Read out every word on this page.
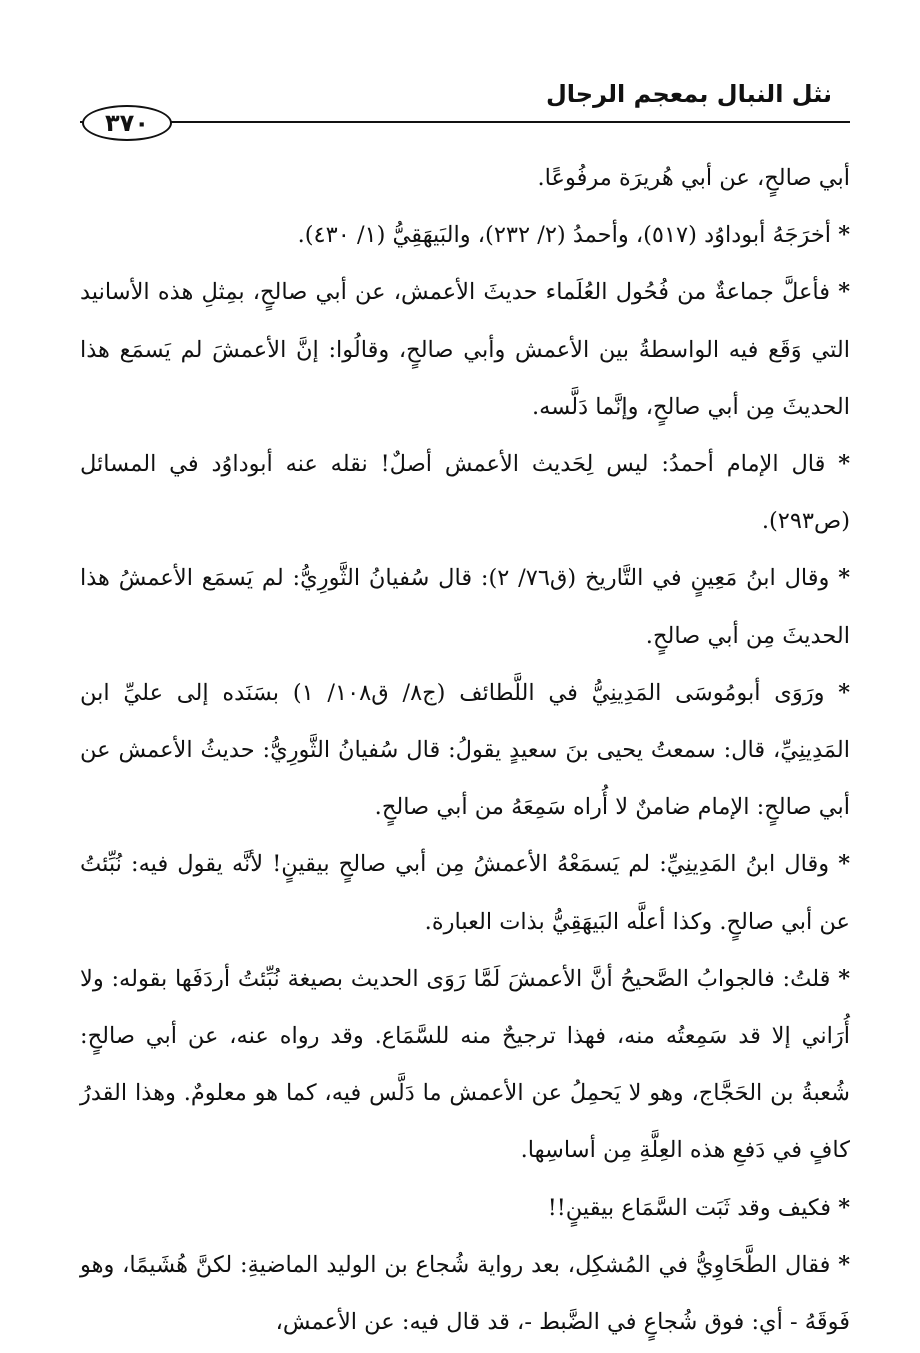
نثل النبال بمعجم الرجال
٣٧٠

أبي صالحٍ، عن أبي هُريرَة مرفُوعًا.

* أخرَجَهُ أبوداوُد (٥١٧)، وأحمدُ (٢/ ٢٣٢)، والبَيهَقِيُّ (١/ ٤٣٠).

* فأعلَّ جماعةٌ من فُحُول العُلَماء حديثَ الأعمش، عن أبي صالحٍ، بمِثلِ هذه الأسانيد التي وَقَع فيه الواسطةُ بين الأعمش وأبي صالحٍ، وقالُوا: إنَّ الأعمشَ لم يَسمَع هذا الحديثَ مِن أبي صالحٍ، وإنَّما دَلَّسه.

* قال الإمام أحمدُ: ليس لِحَديث الأعمش أصلٌ! نقله عنه أبوداوُد في المسائل (ص٢٩٣).

* وقال ابنُ مَعِينٍ في التَّاريخ (ق٧٦/ ٢): قال سُفيانُ الثَّورِيُّ: لم يَسمَع الأعمشُ هذا الحديثَ مِن أبي صالحٍ.

* ورَوَى أبومُوسَى المَدِينِيُّ في اللَّطائف (ج٨/ ق١٠٨/ ١) بسَنَده إلى عليِّ ابن المَدِينِيِّ، قال: سمعتُ يحيى بنَ سعيدٍ يقولُ: قال سُفيانُ الثَّورِيُّ: حديثُ الأعمش عن أبي صالحٍ: الإمام ضامنٌ لا أُراه سَمِعَهُ من أبي صالحٍ.

* وقال ابنُ المَدِينِيِّ: لم يَسمَعْهُ الأعمشُ مِن أبي صالحٍ بيقينٍ! لأنَّه يقول فيه: نُبِّئتُ عن أبي صالحٍ. وكذا أعلَّه البَيهَقِيُّ بذات العبارة.

* قلتُ: فالجوابُ الصَّحيحُ أنَّ الأعمشَ لَمَّا رَوَى الحديث بصيغة نُبِّئتُ أردَفَها بقوله: ولا أُرَاني إلا قد سَمِعتُه منه، فهذا ترجيحٌ منه للسَّمَاع. وقد رواه عنه، عن أبي صالحٍ: شُعبةُ بن الحَجَّاج، وهو لا يَحمِلُ عن الأعمش ما دَلَّس فيه، كما هو معلومٌ. وهذا القدرُ كافٍ في دَفعِ هذه العِلَّةِ مِن أساسِها.

* فكيف وقد ثَبَت السَّمَاع بيقينٍ!!

* فقال الطَّحَاوِيُّ في المُشكِل، بعد رواية شُجاع بن الوليد الماضيةِ: لكنَّ هُشَيمًا، وهو فَوقَهُ - أي: فوق شُجاعٍ في الضَّبط -، قد قال فيه: عن الأعمش،
